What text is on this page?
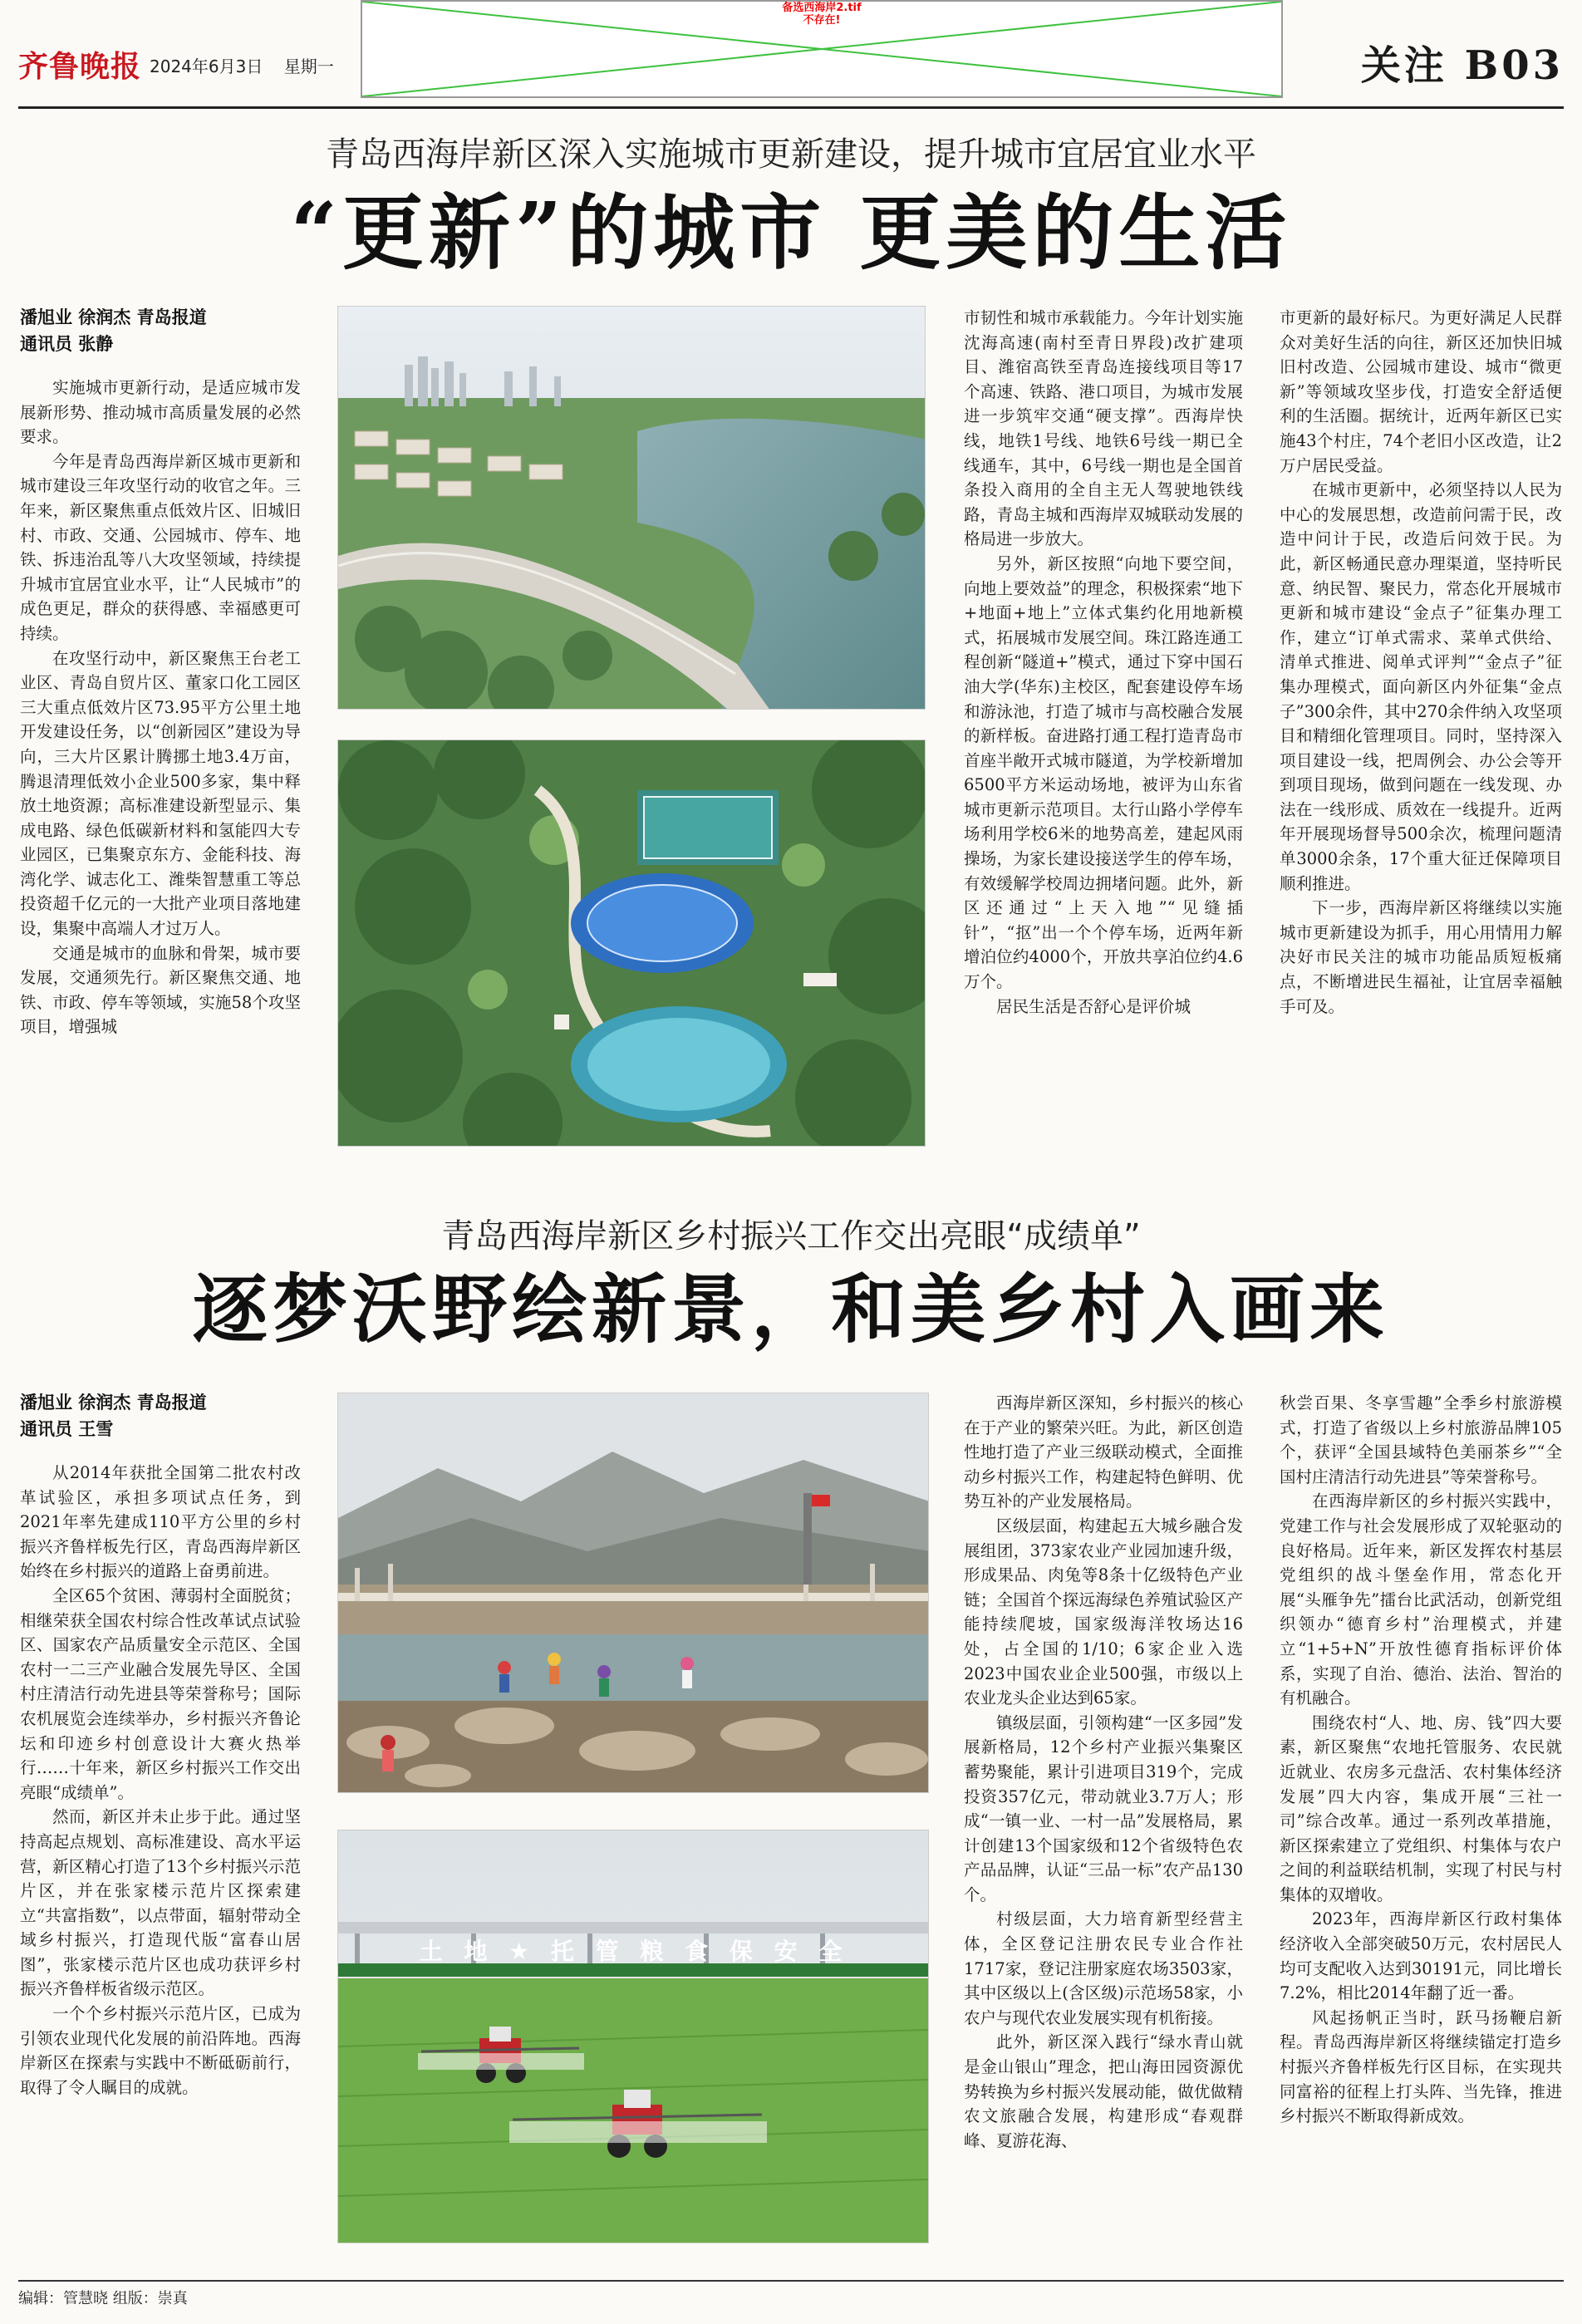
齐鲁晚报 2024年6月3日 星期一
备选西海岸2.tif
不存在!
关注 B03
青岛西海岸新区深入实施城市更新建设，提升城市宜居宜业水平
“更新”的城市 更美的生活
潘旭业 徐润杰 青岛报道
通讯员 张静

实施城市更新行动，是适应城市发展新形势、推动城市高质量发展的必然要求。

今年是青岛西海岸新区城市更新和城市建设三年攻坚行动的收官之年。三年来，新区聚焦重点低效片区、旧城旧村、市政、交通、公园城市、停车、地铁、拆违治乱等八大攻坚领域，持续提升城市宜居宜业水平，让“人民城市”的成色更足，群众的获得感、幸福感更可持续。

在攻坚行动中，新区聚焦王台老工业区、青岛自贸片区、董家口化工园区三大重点低效片区73.95平方公里土地开发建设任务，以“创新园区”建设为导向，三大片区累计腾挪土地3.4万亩，腾退清理低效小企业500多家，集中释放土地资源；高标准建设新型显示、集成电路、绿色低碳新材料和氢能四大专业园区，已集聚京东方、金能科技、海湾化学、诚志化工、潍柴智慧重工等总投资超千亿元的一大批产业项目落地建设，集聚中高端人才过万人。

交通是城市的血脉和骨架，城市要发展，交通须先行。新区聚焦交通、地铁、市政、停车等领域，实施58个攻坚项目，增强城

市韧性和城市承载能力。今年计划实施沈海高速(南村至青日界段)改扩建项目、潍宿高铁至青岛连接线项目等17个高速、铁路、港口项目，为城市发展进一步筑牢交通“硬支撑”。西海岸快线，地铁1号线、地铁6号线一期已全线通车，其中，6号线一期也是全国首条投入商用的全自主无人驾驶地铁线路，青岛主城和西海岸双城联动发展的格局进一步放大。

另外，新区按照“向地下要空间，向地上要效益”的理念，积极探索“地下+地面+地上”立体式集约化用地新模式，拓展城市发展空间。珠江路连通工程创新“隧道+”模式，通过下穿中国石油大学(华东)主校区，配套建设停车场和游泳池，打造了城市与高校融合发展的新样板。奋进路打通工程打造青岛市首座半敞开式城市隧道，为学校新增加6500平方米运动场地，被评为山东省城市更新示范项目。太行山路小学停车场利用学校6米的地势高差，建起风雨操场，为家长建设接送学生的停车场，有效缓解学校周边拥堵问题。此外，新区还通过“上天入地”“见缝插针”，“抠”出一个个停车场，近两年新增泊位约4000个，开放共享泊位约4.6万个。

居民生活是否舒心是评价城

市更新的最好标尺。为更好满足人民群众对美好生活的向往，新区还加快旧城旧村改造、公园城市建设、城市“微更新”等领域攻坚步伐，打造安全舒适便利的生活圈。据统计，近两年新区已实施43个村庄，74个老旧小区改造，让2万户居民受益。

在城市更新中，必须坚持以人民为中心的发展思想，改造前问需于民，改造中问计于民，改造后问效于民。为此，新区畅通民意办理渠道，坚持听民意、纳民智、聚民力，常态化开展城市更新和城市建设“金点子”征集办理工作，建立“订单式需求、菜单式供给、清单式推进、阅单式评判”“金点子”征集办理模式，面向新区内外征集“金点子”300余件，其中270余件纳入攻坚项目和精细化管理项目。同时，坚持深入项目建设一线，把周例会、办公会等开到项目现场，做到问题在一线发现、办法在一线形成、质效在一线提升。近两年开展现场督导500余次，梳理问题清单3000余条，17个重大征迁保障项目顺利推进。

下一步，西海岸新区将继续以实施城市更新建设为抓手，用心用情用力解决好市民关注的城市功能品质短板痛点，不断增进民生福祉，让宜居幸福触手可及。

青岛西海岸新区乡村振兴工作交出亮眼“成绩单”
逐梦沃野绘新景，和美乡村入画来
潘旭业 徐润杰 青岛报道
通讯员 王雪

从2014年获批全国第二批农村改革试验区，承担多项试点任务，到2021年率先建成110平方公里的乡村振兴齐鲁样板先行区，青岛西海岸新区始终在乡村振兴的道路上奋勇前进。

全区65个贫困、薄弱村全面脱贫；相继荣获全国农村综合性改革试点试验区、国家农产品质量安全示范区、全国农村一二三产业融合发展先导区、全国村庄清洁行动先进县等荣誉称号；国际农机展览会连续举办，乡村振兴齐鲁论坛和印迹乡村创意设计大赛火热举行……十年来，新区乡村振兴工作交出亮眼“成绩单”。

然而，新区并未止步于此。通过坚持高起点规划、高标准建设、高水平运营，新区精心打造了13个乡村振兴示范片区，并在张家楼示范片区探索建立“共富指数”，以点带面，辐射带动全域乡村振兴，打造现代版“富春山居图”，张家楼示范片区也成功获评乡村振兴齐鲁样板省级示范区。

一个个乡村振兴示范片区，已成为引领农业现代化发展的前沿阵地。西海岸新区在探索与实践中不断砥砺前行，取得了令人瞩目的成就。

土 地 ★ 托 管 粮 食 保 安 全

西海岸新区深知，乡村振兴的核心在于产业的繁荣兴旺。为此，新区创造性地打造了产业三级联动模式，全面推动乡村振兴工作，构建起特色鲜明、优势互补的产业发展格局。

区级层面，构建起五大城乡融合发展组团，373家农业产业园加速升级，形成果品、肉兔等8条十亿级特色产业链；全国首个探远海绿色养殖试验区产能持续爬坡，国家级海洋牧场达16处，占全国的1/10；6家企业入选2023中国农业企业500强，市级以上农业龙头企业达到65家。

镇级层面，引领构建“一区多园”发展新格局，12个乡村产业振兴集聚区蓄势聚能，累计引进项目319个，完成投资357亿元，带动就业3.7万人；形成“一镇一业、一村一品”发展格局，累计创建13个国家级和12个省级特色农产品品牌，认证“三品一标”农产品130个。

村级层面，大力培育新型经营主体，全区登记注册农民专业合作社1717家，登记注册家庭农场3503家，其中区级以上(含区级)示范场58家，小农户与现代农业发展实现有机衔接。

此外，新区深入践行“绿水青山就是金山银山”理念，把山海田园资源优势转换为乡村振兴发展动能，做优做精农文旅融合发展，构建形成“春观群峰、夏游花海、

秋尝百果、冬享雪趣”全季乡村旅游模式，打造了省级以上乡村旅游品牌105个，获评“全国县域特色美丽茶乡”“全国村庄清洁行动先进县”等荣誉称号。

在西海岸新区的乡村振兴实践中，党建工作与社会发展形成了双轮驱动的良好格局。近年来，新区发挥农村基层党组织的战斗堡垒作用，常态化开展“头雁争先”擂台比武活动，创新党组织领办“德育乡村”治理模式，并建立“1+5+N”开放性德育指标评价体系，实现了自治、德治、法治、智治的有机融合。

围绕农村“人、地、房、钱”四大要素，新区聚焦“农地托管服务、农民就近就业、农房多元盘活、农村集体经济发展”四大内容，集成开展“三社一司”综合改革。通过一系列改革措施，新区探索建立了党组织、村集体与农户之间的利益联结机制，实现了村民与村集体的双增收。

2023年，西海岸新区行政村集体经济收入全部突破50万元，农村居民人均可支配收入达到30191元，同比增长7.2%，相比2014年翻了近一番。

风起扬帆正当时，跃马扬鞭启新程。青岛西海岸新区将继续锚定打造乡村振兴齐鲁样板先行区目标，在实现共同富裕的征程上打头阵、当先锋，推进乡村振兴不断取得新成效。

编辑：管慧晓 组版：崇真
